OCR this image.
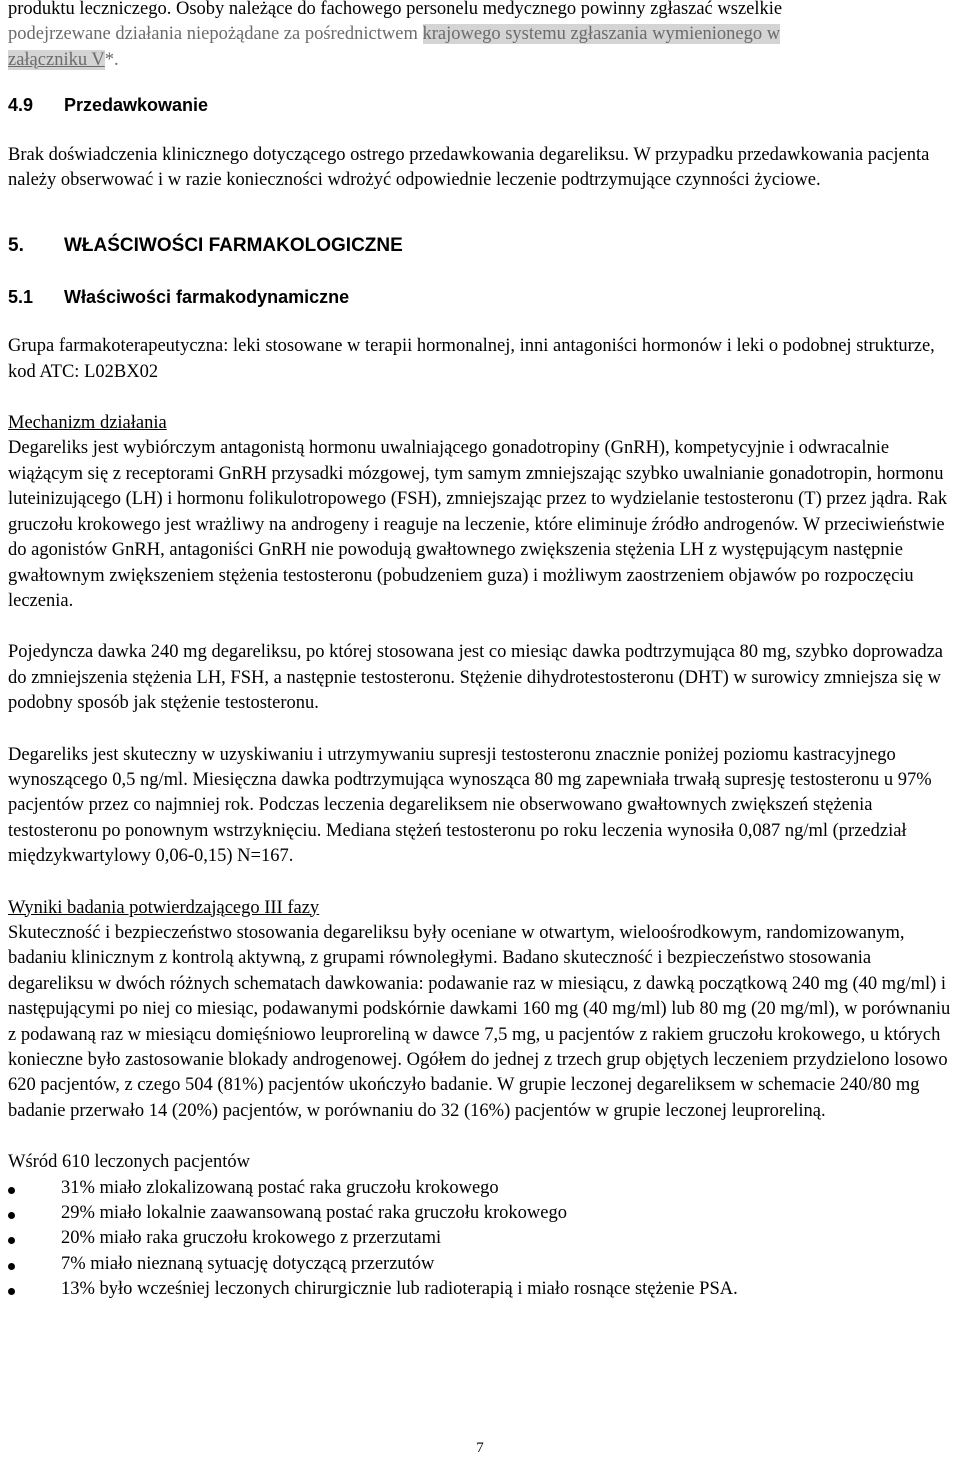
produktu leczniczego. Osoby należące do fachowego personelu medycznego powinny zgłaszać wszelkie
podejrzewane działania niepożądane za pośrednictwem krajowego systemu zgłaszania wymienionego w
załączniku V*.

4.9 Przedawkowanie

Brak doświadczenia klinicznego dotyczącego ostrego przedawkowania degareliksu. W przypadku przedawkowania pacjenta należy obserwować i w razie konieczności wdrożyć odpowiednie leczenie podtrzymujące czynności życiowe.

5. WŁAŚCIWOŚCI FARMAKOLOGICZNE

5.1 Właściwości farmakodynamiczne

Grupa farmakoterapeutyczna: leki stosowane w terapii hormonalnej, inni antagoniści hormonów i leki o podobnej strukturze, kod ATC: L02BX02

Mechanizm działania

Degareliks jest wybiórczym antagonistą hormonu uwalniającego gonadotropiny (GnRH), kompetycyjnie i odwracalnie wiążącym się z receptorami GnRH przysadki mózgowej, tym samym zmniejszając szybko uwalnianie gonadotropin, hormonu luteinizującego (LH) i hormonu folikulotropowego (FSH), zmniejszając przez to wydzielanie testosteronu (T) przez jądra. Rak gruczołu krokowego jest wrażliwy na androgeny i reaguje na leczenie, które eliminuje źródło androgenów. W przeciwieństwie do agonistów GnRH, antagoniści GnRH nie powodują gwałtownego zwiększenia stężenia LH z występującym następnie gwałtownym zwiększeniem stężenia testosteronu (pobudzeniem guza) i możliwym zaostrzeniem objawów po rozpoczęciu leczenia.

Pojedyncza dawka 240 mg degareliksu, po której stosowana jest co miesiąc dawka podtrzymująca 80 mg, szybko doprowadza do zmniejszenia stężenia LH, FSH, a następnie testosteronu. Stężenie dihydrotestosteronu (DHT) w surowicy zmniejsza się w podobny sposób jak stężenie testosteronu.

Degareliks jest skuteczny w uzyskiwaniu i utrzymywaniu supresji testosteronu znacznie poniżej poziomu kastracyjnego wynoszącego 0,5 ng/ml. Miesięczna dawka podtrzymująca wynosząca 80 mg zapewniała trwałą supresję testosteronu u 97% pacjentów przez co najmniej rok. Podczas leczenia degareliksem nie obserwowano gwałtownych zwiększeń stężenia testosteronu po ponownym wstrzyknięciu. Mediana stężeń testosteronu po roku leczenia wynosiła 0,087 ng/ml (przedział międzykwartylowy 0,06-0,15) N=167.

Wyniki badania potwierdzającego III fazy

Skuteczność i bezpieczeństwo stosowania degareliksu były oceniane w otwartym, wieloośrodkowym, randomizowanym, badaniu klinicznym z kontrolą aktywną, z grupami równoległymi. Badano skuteczność i bezpieczeństwo stosowania degareliksu w dwóch różnych schematach dawkowania: podawanie raz w miesiącu, z dawką początkową 240 mg (40 mg/ml) i następującymi po niej co miesiąc, podawanymi podskórnie dawkami 160 mg (40 mg/ml) lub 80 mg (20 mg/ml), w porównaniu z podawaną raz w miesiącu domięśniowo leuproreliną w dawce 7,5 mg, u pacjentów z rakiem gruczołu krokowego, u których konieczne było zastosowanie blokady androgenowej. Ogółem do jednej z trzech grup objętych leczeniem przydzielono losowo 620 pacjentów, z czego 504 (81%) pacjentów ukończyło badanie. W grupie leczonej degareliksem w schemacie 240/80 mg badanie przerwało 14 (20%) pacjentów, w porównaniu do 32 (16%) pacjentów w grupie leczonej leuproreliną.

Wśród 610 leczonych pacjentów

31% miało zlokalizowaną postać raka gruczołu krokowego
29% miało lokalnie zaawansowaną postać raka gruczołu krokowego
20% miało raka gruczołu krokowego z przerzutami
7% miało nieznaną sytuację dotyczącą przerzutów
13% było wcześniej leczonych chirurgicznie lub radioterapią i miało rosnące stężenie PSA.
7
